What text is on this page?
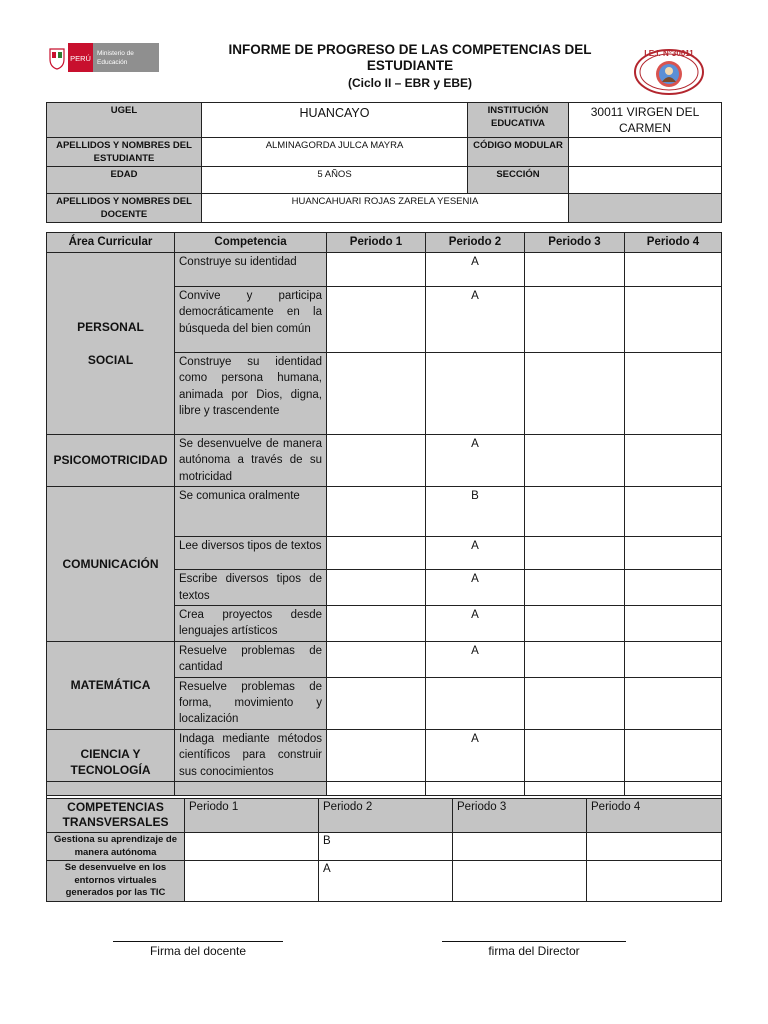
PERÚ
Ministerio de
Educación
INFORME DE PROGRESO DE LAS COMPETENCIAS DEL ESTUDIANTE
(Ciclo II – EBR y EBE)
I.E.I. N°30011
UGEL	HUANCAYO	INSTITUCIÓN EDUCATIVA	30011 VIRGEN DEL CARMEN
APELLIDOS Y NOMBRES DEL ESTUDIANTE	ALMINAGORDA JULCA MAYRA	CÓDIGO MODULAR	
EDAD	5 AÑOS	SECCIÓN	
APELLIDOS Y NOMBRES DEL DOCENTE	HUANCAHUARI ROJAS ZARELA YESENIA		
Área Curricular	Competencia	Periodo 1	Periodo 2	Periodo 3	Periodo 4
PERSONAL

SOCIAL	Construye su identidad		A		
	Convive y participa democráticamente en la búsqueda del bien común		A		
	Construye su identidad como persona humana, animada por Dios, digna, libre y trascendente				
PSICOMOTRICIDAD	Se desenvuelve de manera autónoma a través de su motricidad		A		
COMUNICACIÓN	Se comunica oralmente		B		
	Lee diversos tipos de textos		A		
	Escribe diversos tipos de textos		A		
	Crea proyectos desde lenguajes artísticos		A		
MATEMÁTICA	Resuelve problemas de cantidad		A		
	Resuelve problemas de forma, movimiento y localización				
CIENCIA Y TECNOLOGÍA	Indaga mediante métodos científicos para construir sus conocimientos		A		

COMPETENCIAS TRANSVERSALES	Periodo 1	Periodo 2	Periodo 3	Periodo 4
Gestiona su aprendizaje de manera autónoma		B		
Se desenvuelve en los entornos virtuales generados por las TIC		A		
Firma del docente	firma del Director
